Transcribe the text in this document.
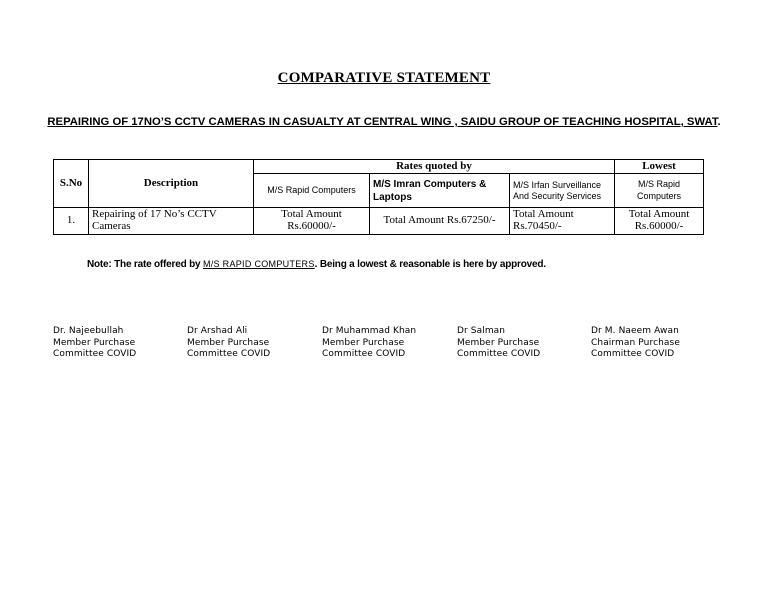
COMPARATIVE STATEMENT
REPAIRING OF 17NO’S CCTV CAMERAS IN CASUALTY AT CENTRAL WING , SAIDU GROUP OF TEACHING HOSPITAL, SWAT.
S.No	Description	Rates quoted by			Lowest
		M/S Rapid Computers	M/S Imran Computers & Laptops	M/S Irfan Surveillance And Security Services	M/S Rapid Computers
1.	Repairing of 17 No’s CCTV Cameras	Total Amount Rs.60000/-	Total Amount Rs.67250/-	Total Amount Rs.70450/-	Total Amount Rs.60000/-
Note: The rate offered by M/S RAPID COMPUTERS. Being a lowest & reasonable is here by approved.
Dr. Najeebullah
Member Purchase
Committee COVID
Dr Arshad Ali
Member Purchase
Committee COVID
Dr Muhammad Khan
Member Purchase
Committee COVID
Dr Salman
Member Purchase
Committee COVID
Dr M. Naeem Awan
Chairman Purchase
Committee COVID
